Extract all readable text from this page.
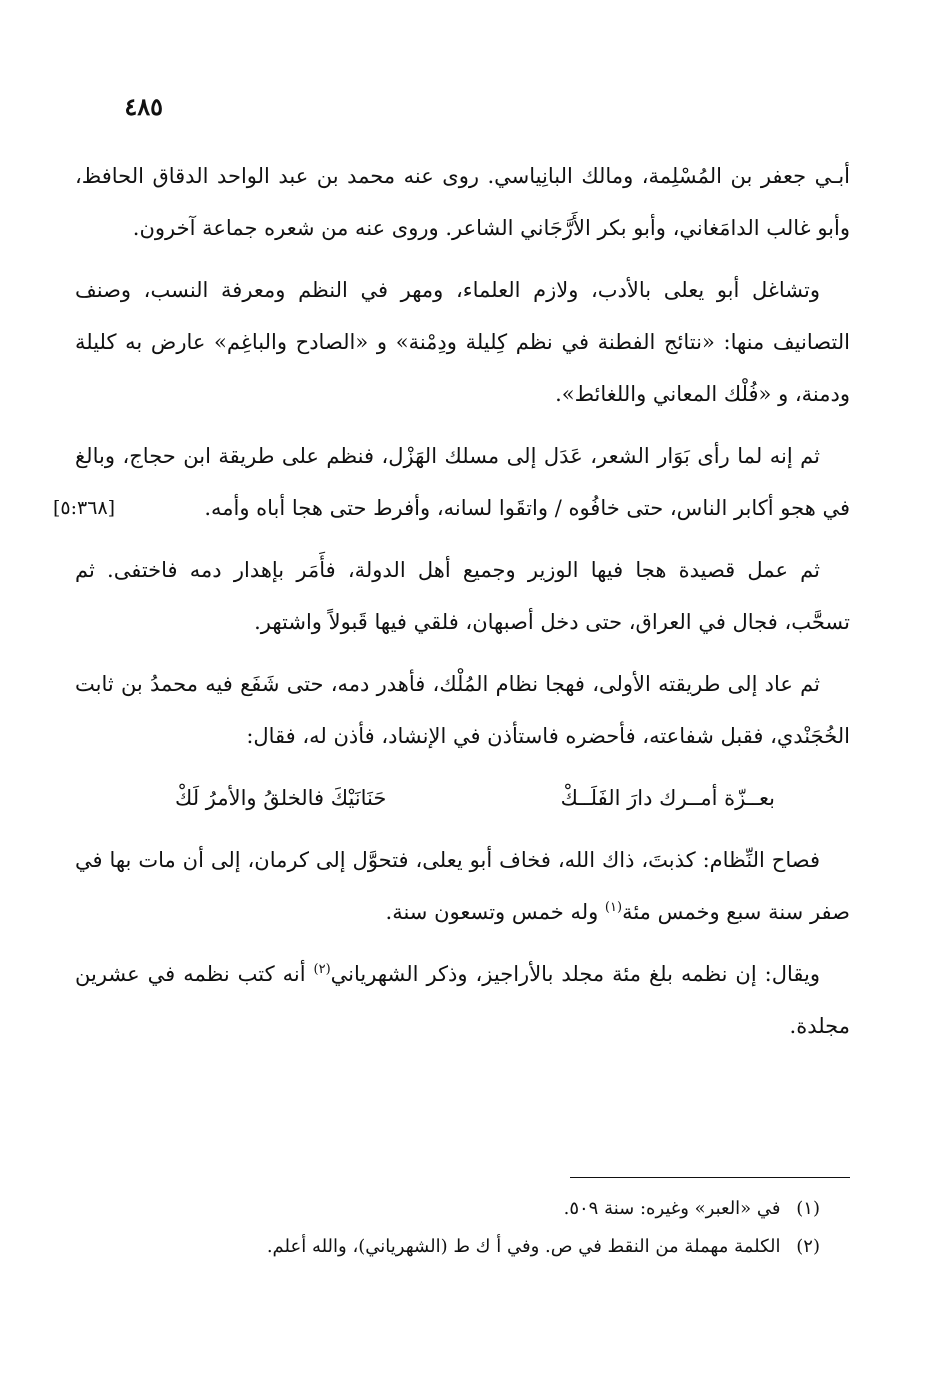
٤٨٥

أبـي جعفر بن المُسْلِمة، ومالك البانِياسي. روى عنه محمد بن عبد الواحد الدقاق الحافظ، وأبو غالب الدامَغاني، وأبو بكر الأَرَّجَاني الشاعر. وروى عنه من شعره جماعة آخرون.

وتشاغل أبو يعلى بالأدب، ولازم العلماء، ومهر في النظم ومعرفة النسب، وصنف التصانيف منها: «نتائج الفطنة في نظم كِليلة ودِمْنة» و «الصادح والباغِم» عارض به كليلة ودمنة، و «فُلْك المعاني واللغائط».

ثم إنه لما رأى بَوَار الشعر، عَدَل إلى مسلك الهَزْل، فنظم على طريقة ابن حجاج، وبالغ في هجو أكابر الناس، حتى خافُوه / واتقَوا لسانه، وأفرط حتى
[٥:٣٦٨]	هجا أباه وأمه.

ثم عمل قصيدة هجا فيها الوزير وجميع أهل الدولة، فأَمَر بإهدار دمه فاختفى. ثم تسحَّب، فجال في العراق، حتى دخل أصبهان، فلقي فيها قَبولاً واشتهر.

ثم عاد إلى طريقته الأولى، فهجا نظام المُلْك، فأهدر دمه، حتى شَفَع فيه محمدُ بن ثابت الخُجَنْدي، فقبل شفاعته، فأحضره فاستأذن في الإنشاد، فأذن له، فقال:

بعــزّة أمــرك دارَ الفَلَــكْ
حَنَانَيْكَ فالخلقُ والأمرُ لَكْ

فصاح النِّظام: كذبتَ، ذاك الله، فخاف أبو يعلى، فتحوَّل إلى كرمان، إلى أن مات بها في صفر سنة سبع وخمس مئة$^{(١)}$ وله خمس وتسعون سنة.

ويقال: إن نظمه بلغ مئة مجلد بالأراجيز، وذكر الشهرياني$^{(٢)}$ أنه كتب نظمه في عشرين مجلدة.

(١) في «العبر» وغيره: سنة ٥٠٩.

(٢) الكلمة مهملة من النقط في ص. وفي أ ك ط (الشهرياني)، والله أعلم.
